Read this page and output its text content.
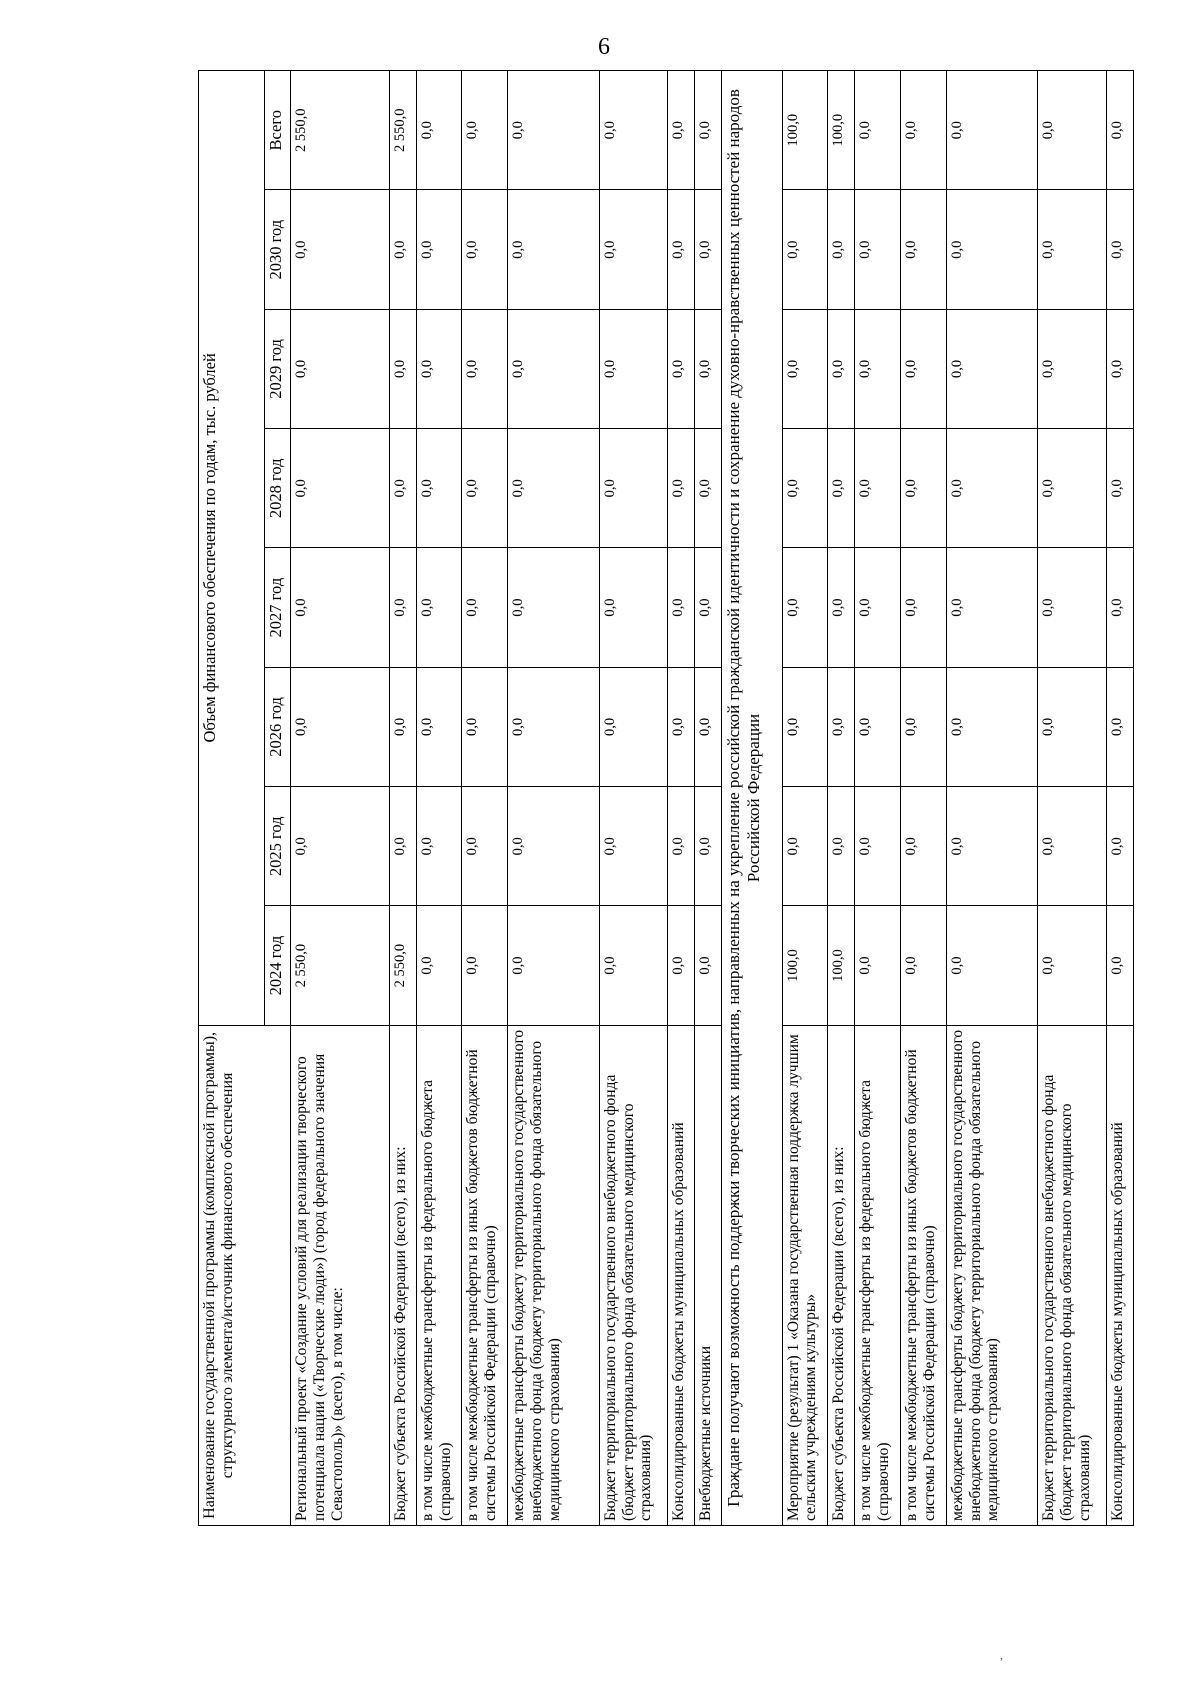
6
Наименование государственной программы (комплексной программы), структурного элемента/источник финансового обеспечения	Объем финансового обеспечения по годам, тыс. рублей							
	2024 год	2025 год	2026 год	2027 год	2028 год	2029 год	2030 год	Всего
Региональный проект «Создание условий для реализации творческого потенциала нации («Творческие люди») (город федерального значения Севастополь)» (всего), в том числе:	2 550,0	0,0	0,0	0,0	0,0	0,0	0,0	2 550,0
Бюджет субъекта Российской Федерации (всего), из них:	2 550,0	0,0	0,0	0,0	0,0	0,0	0,0	2 550,0
в том числе межбюджетные трансферты из федерального бюджета (справочно)	0,0	0,0	0,0	0,0	0,0	0,0	0,0	0,0
в том числе межбюджетные трансферты из иных бюджетов бюджетной системы Российской Федерации (справочно)	0,0	0,0	0,0	0,0	0,0	0,0	0,0	0,0
межбюджетные трансферты бюджету территориального государственного внебюджетного фонда (бюджету территориального фонда обязательного медицинского страхования)	0,0	0,0	0,0	0,0	0,0	0,0	0,0	0,0
Бюджет территориального государственного внебюджетного фонда (бюджет территориального фонда обязательного медицинского страхования)	0,0	0,0	0,0	0,0	0,0	0,0	0,0	0,0
Консолидированные бюджеты муниципальных образований	0,0	0,0	0,0	0,0	0,0	0,0	0,0	0,0
Внебюджетные источники	0,0	0,0	0,0	0,0	0,0	0,0	0,0	0,0
Граждане получают возможность поддержки творческих инициатив, направленных на укрепление российской гражданской идентичности и сохранение духовно-нравственных ценностей народов Российской Федерации								
Мероприятие (результат) 1 «Оказана государственная поддержка лучшим сельским учреждениям культуры»	100,0	0,0	0,0	0,0	0,0	0,0	0,0	100,0
Бюджет субъекта Российской Федерации (всего), из них:	100,0	0,0	0,0	0,0	0,0	0,0	0,0	100,0
в том числе межбюджетные трансферты из федерального бюджета (справочно)	0,0	0,0	0,0	0,0	0,0	0,0	0,0	0,0
в том числе межбюджетные трансферты из иных бюджетов бюджетной системы Российской Федерации (справочно)	0,0	0,0	0,0	0,0	0,0	0,0	0,0	0,0
межбюджетные трансферты бюджету территориального государственного внебюджетного фонда (бюджету территориального фонда обязательного медицинского страхования)	0,0	0,0	0,0	0,0	0,0	0,0	0,0	0,0
Бюджет территориального государственного внебюджетного фонда (бюджет территориального фонда обязательного медицинского страхования)	0,0	0,0	0,0	0,0	0,0	0,0	0,0	0,0
Консолидированные бюджеты муниципальных образований	0,0	0,0	0,0	0,0	0,0	0,0	0,0	0,0
,
